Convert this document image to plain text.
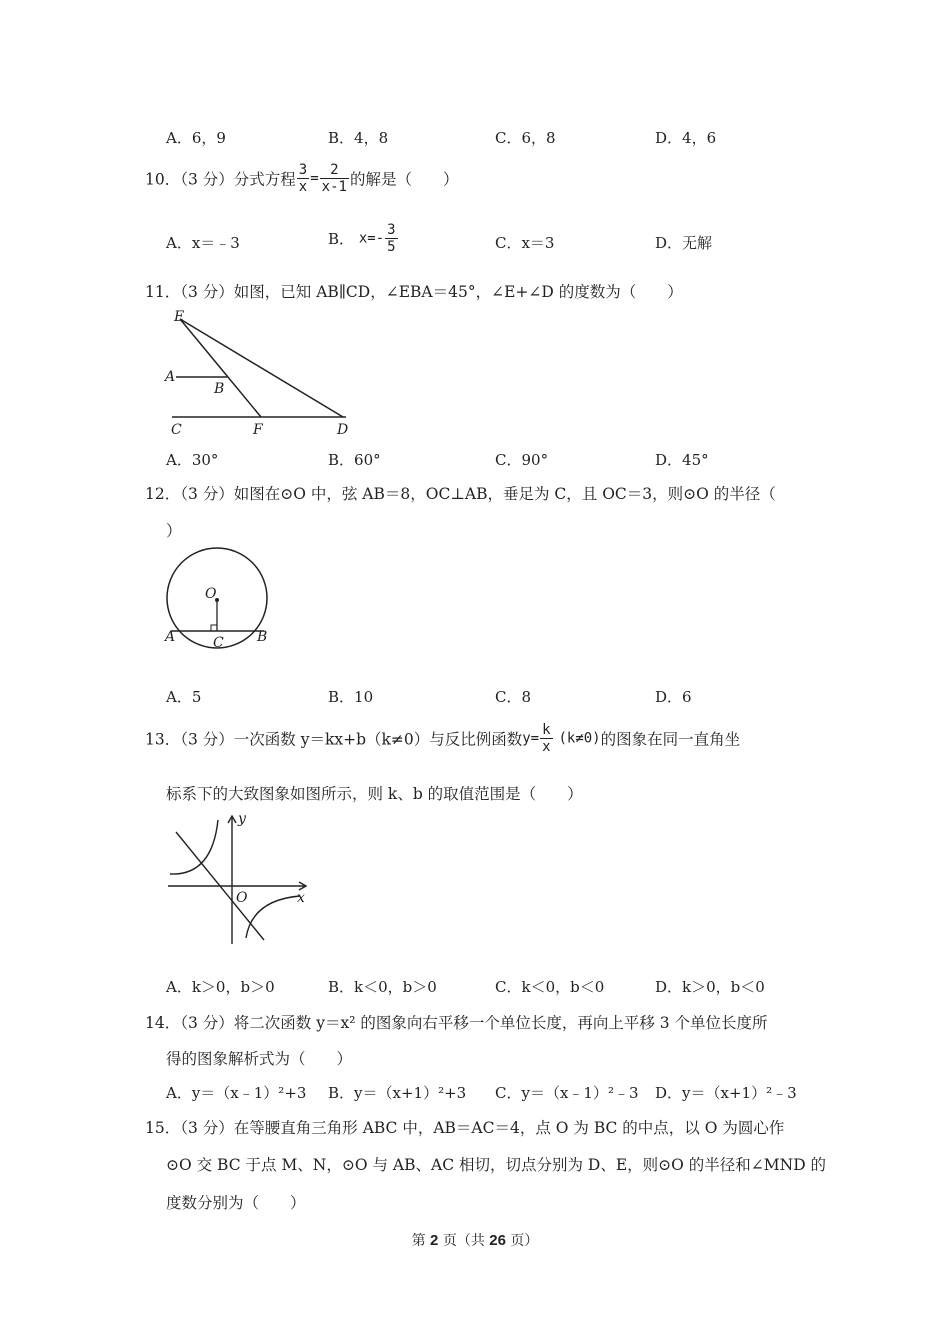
A．6，9	B．4，8	C．6，8	D．4，6
10．（3 分）分式方程 $\frac{3}{x} = \frac{2}{x-1}$ 的解是（　　）
A．x＝﹣3	B． $x=- \frac{3}{5}$	C．x＝3	D．无解
11．（3 分）如图，已知 AB∥CD，∠EBA＝45°，∠E+∠D 的度数为（　　）
E
A
B
C	F	D
A．30°	B．60°	C．90°	D．45°
12．（3 分）如图在⊙O 中，弦 AB＝8，OC⊥AB，垂足为 C，且 OC＝3，则⊙O 的半径（
）
O
A	C B
A．5	B．10	C．8	D．6
13．（3 分）一次函数 y＝kx+b（k≠0）与反比例函数$y= \frac{k}{x} (k\ne 0)$的图象在同一直角坐
标系下的大致图象如图所示，则 k、b 的取值范围是（　　）
y
O	x
A．k＞0，b＞0	B．k＜0，b＞0	C．k＜0，b＜0	D．k＞0，b＜0
14．（3 分）将二次函数 y＝x² 的图象向右平移一个单位长度，再向上平移 3 个单位长度所
得的图象解析式为（　　）
A．y＝（x﹣1）²+3 B．y＝（x+1）²+3 C．y＝（x﹣1）²﹣3 D．y＝（x+1）²﹣3
15．（3 分）在等腰直角三角形 ABC 中，AB＝AC＝4，点 O 为 BC 的中点，以 O 为圆心作
⊙O 交 BC 于点 M、N，⊙O 与 AB、AC 相切，切点分别为 D、E，则⊙O 的半径和∠MND 的
度数分别为（　　）
第 2 页（共 26 页）
